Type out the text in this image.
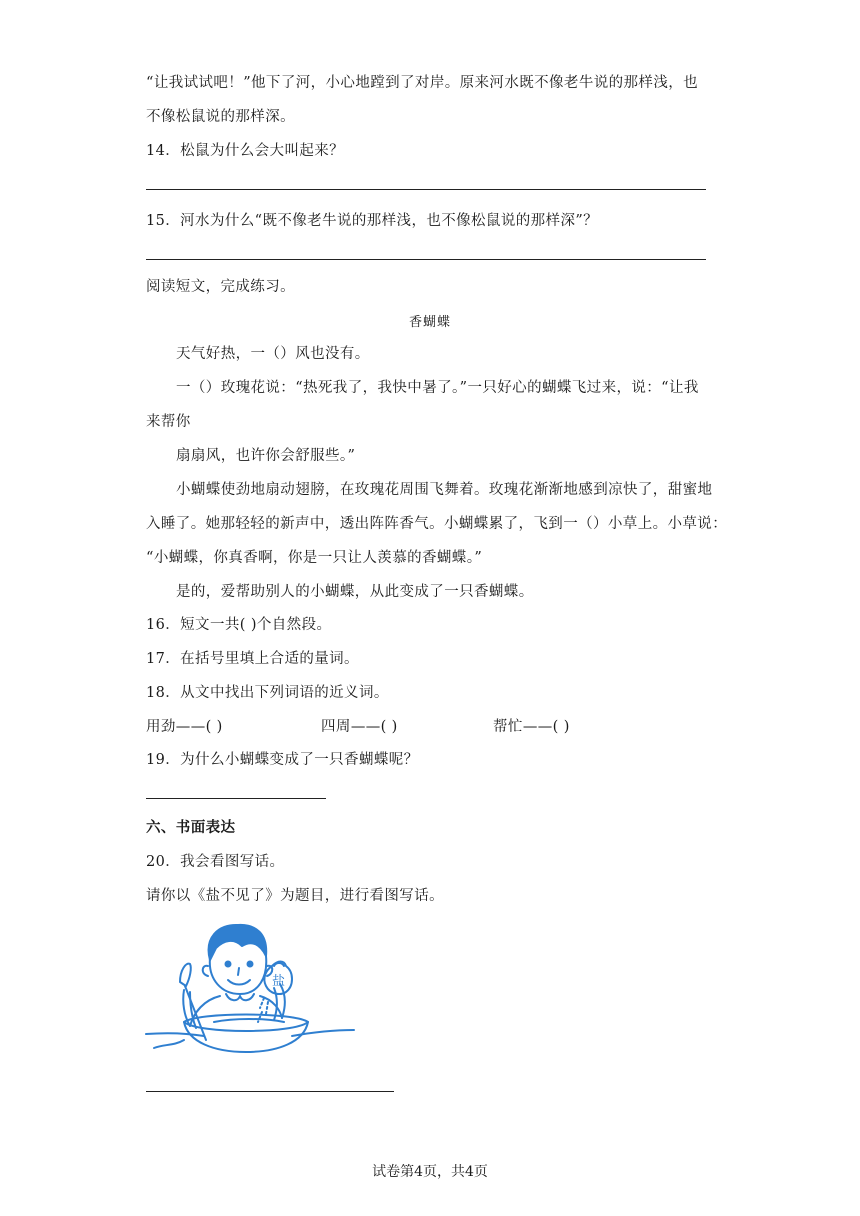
“让我试试吧！”他下了河，小心地蹚到了对岸。原来河水既不像老牛说的那样浅，也
不像松鼠说的那样深。
14．松鼠为什么会大叫起来？
15．河水为什么“既不像老牛说的那样浅，也不像松鼠说的那样深”？
阅读短文，完成练习。
香蝴蝶
天气好热，一（）风也没有。
一（）玫瑰花说：“热死我了，我快中暑了。”一只好心的蝴蝶飞过来，说：“让我
来帮你
扇扇风，也许你会舒服些。”
小蝴蝶使劲地扇动翅膀，在玫瑰花周围飞舞着。玫瑰花渐渐地感到凉快了，甜蜜地
入睡了。她那轻轻的新声中，透出阵阵香气。小蝴蝶累了，飞到一（）小草上。小草说：
“小蝴蝶，你真香啊，你是一只让人羡慕的香蝴蝶。”
是的，爱帮助别人的小蝴蝶，从此变成了一只香蝴蝶。
16．短文一共( )个自然段。
17．在括号里填上合适的量词。
18．从文中找出下列词语的近义词。
用劲——( )	四周——( )	帮忙——( )
19．为什么小蝴蝶变成了一只香蝴蝶呢？
六、书面表达
20．我会看图写话。
请你以《盐不见了》为题目，进行看图写话。
盐
试卷第4页，共4页
